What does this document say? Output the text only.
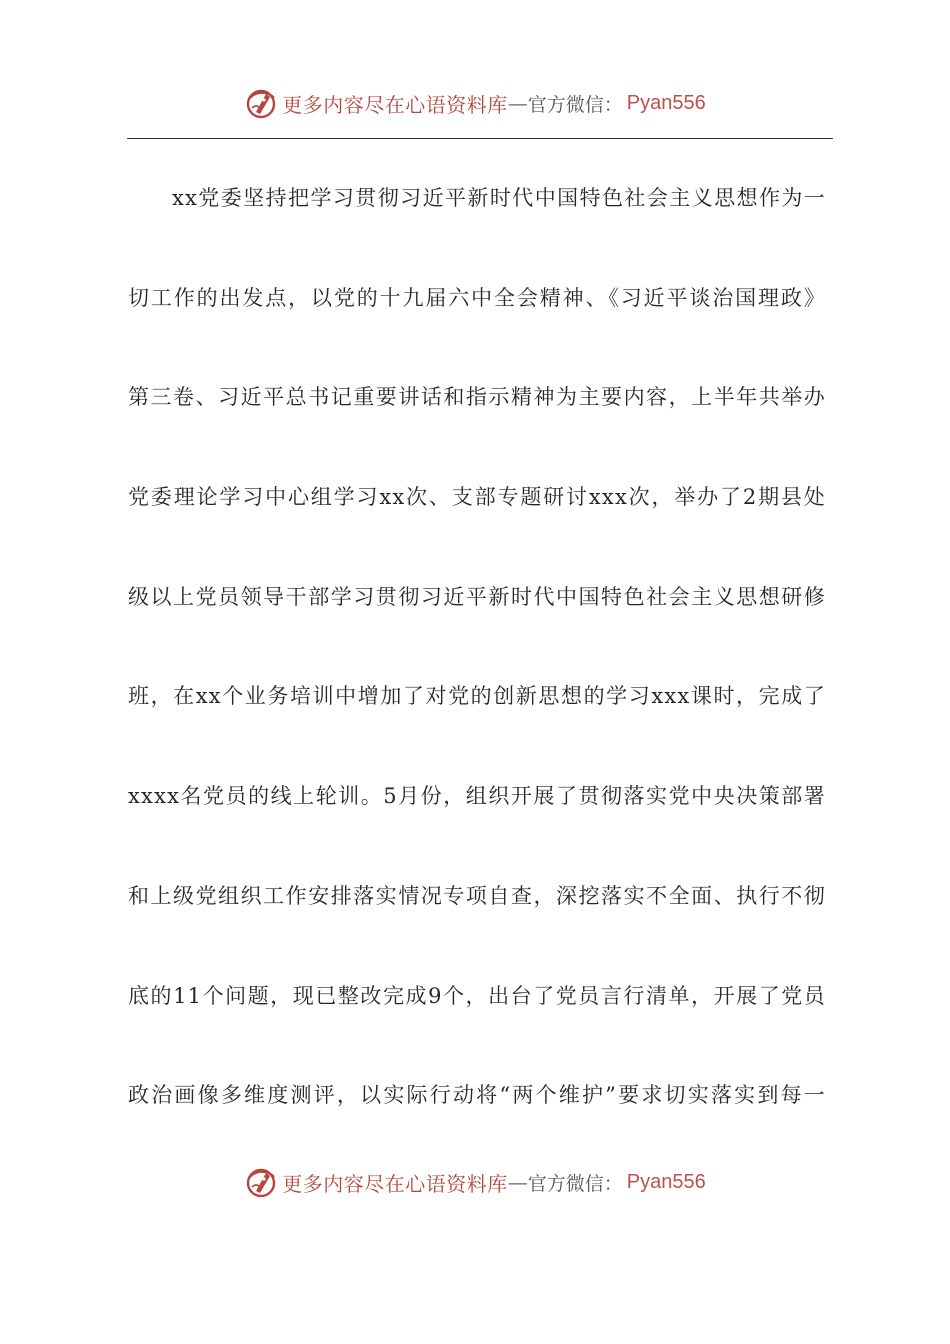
更多内容尽在心语资料库 — 官方微信： Pyan556
xx党委坚持把学习贯彻习近平新时代中国特色社会主义思想作为一
切工作的出发点，以党的十九届六中全会精神、《习近平谈治国理政》
第三卷、习近平总书记重要讲话和指示精神为主要内容，上半年共举办
党委理论学习中心组学习xx次、支部专题研讨xxx次，举办了2期县处
级以上党员领导干部学习贯彻习近平新时代中国特色社会主义思想研修
班，在xx个业务培训中增加了对党的创新思想的学习xxx课时，完成了
xxxx名党员的线上轮训。5月份，组织开展了贯彻落实党中央决策部署
和上级党组织工作安排落实情况专项自查，深挖落实不全面、执行不彻
底的11个问题，现已整改完成9个，出台了党员言行清单，开展了党员
政治画像多维度测评，以实际行动将“两个维护”要求切实落实到每一
更多内容尽在心语资料库 — 官方微信： Pyan556
